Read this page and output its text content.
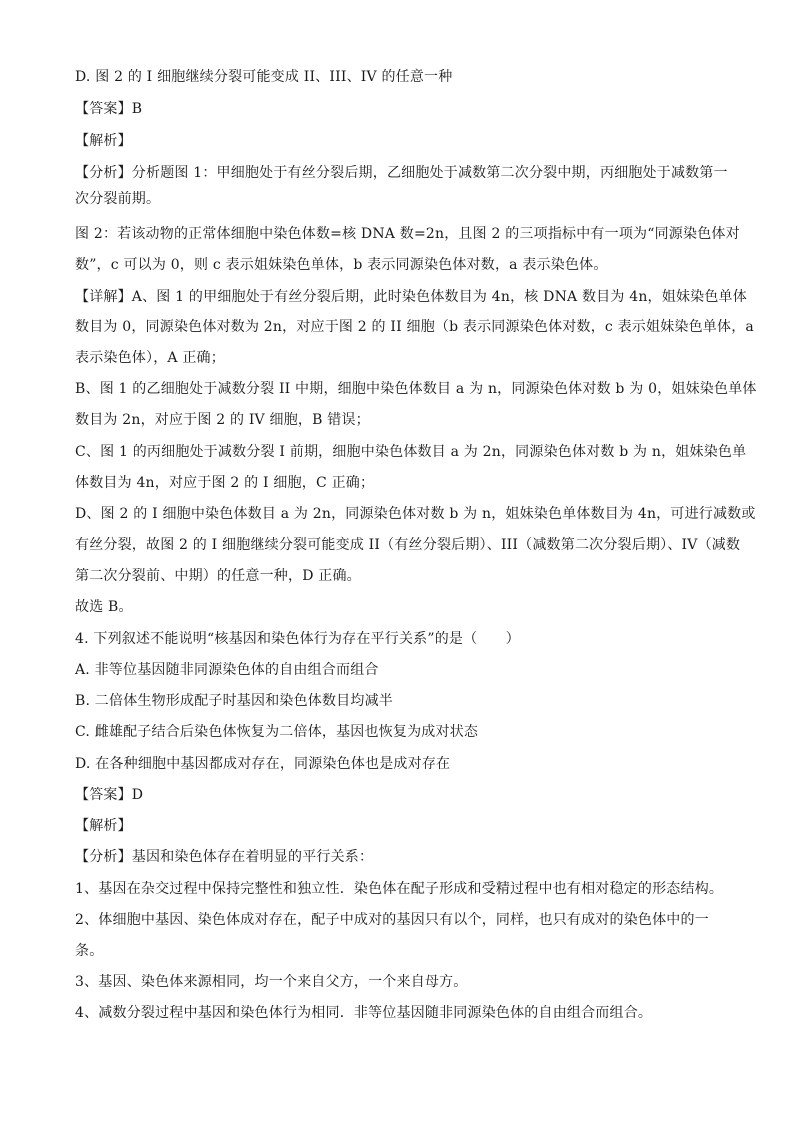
D. 图 2 的 I 细胞继续分裂可能变成 II、III、IV 的任意一种
【答案】B
【解析】
【分析】分析题图 1：甲细胞处于有丝分裂后期，乙细胞处于减数第二次分裂中期，丙细胞处于减数第一
次分裂前期。
图 2：若该动物的正常体细胞中染色体数=核 DNA 数=2n，且图 2 的三项指标中有一项为“同源染色体对
数”，c 可以为 0，则 c 表示姐妹染色单体，b 表示同源染色体对数，a 表示染色体。
【详解】A、图 1 的甲细胞处于有丝分裂后期，此时染色体数目为 4n，核 DNA 数目为 4n，姐妹染色单体
数目为 0，同源染色体对数为 2n，对应于图 2 的 II 细胞（b 表示同源染色体对数，c 表示姐妹染色单体，a
表示染色体），A 正确；
B、图 1 的乙细胞处于减数分裂 II 中期，细胞中染色体数目 a 为 n，同源染色体对数 b 为 0，姐妹染色单体
数目为 2n，对应于图 2 的 IV 细胞，B 错误；
C、图 1 的丙细胞处于减数分裂 I 前期，细胞中染色体数目 a 为 2n，同源染色体对数 b 为 n，姐妹染色单
体数目为 4n，对应于图 2 的 I 细胞，C 正确；
D、图 2 的 I 细胞中染色体数目 a 为 2n，同源染色体对数 b 为 n，姐妹染色单体数目为 4n，可进行减数或
有丝分裂，故图 2 的 I 细胞继续分裂可能变成 II（有丝分裂后期）、III（减数第二次分裂后期）、IV（减数
第二次分裂前、中期）的任意一种，D 正确。
故选 B。
4. 下列叙述不能说明“核基因和染色体行为存在平行关系”的是（　　）
A. 非等位基因随非同源染色体的自由组合而组合
B. 二倍体生物形成配子时基因和染色体数目均减半
C. 雌雄配子结合后染色体恢复为二倍体，基因也恢复为成对状态
D. 在各种细胞中基因都成对存在，同源染色体也是成对存在
【答案】D
【解析】
【分析】基因和染色体存在着明显的平行关系：
1、基因在杂交过程中保持完整性和独立性．染色体在配子形成和受精过程中也有相对稳定的形态结构。
2、体细胞中基因、染色体成对存在，配子中成对的基因只有以个，同样，也只有成对的染色体中的一
条。
3、基因、染色体来源相同，均一个来自父方，一个来自母方。
4、减数分裂过程中基因和染色体行为相同．非等位基因随非同源染色体的自由组合而组合。
